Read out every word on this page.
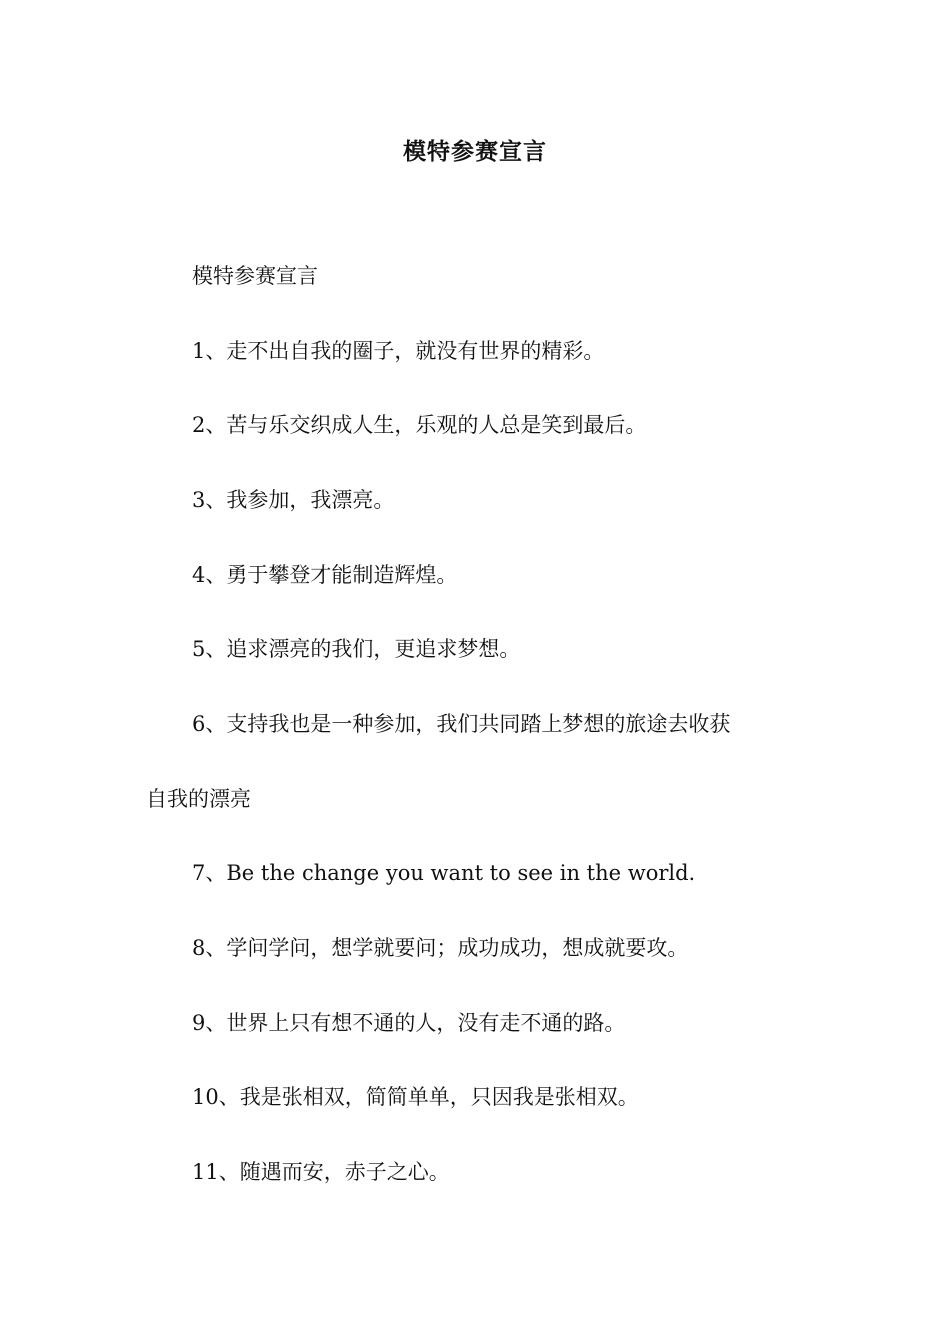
模特参赛宣言
模特参赛宣言
1、走不出自我的圈子，就没有世界的精彩。
2、苦与乐交织成人生，乐观的人总是笑到最后。
3、我参加，我漂亮。
4、勇于攀登才能制造辉煌。
5、追求漂亮的我们，更追求梦想。
6、支持我也是一种参加，我们共同踏上梦想的旅途去收获
自我的漂亮
7、Be the change you want to see in the world.
8、学问学问，想学就要问；成功成功，想成就要攻。
9、世界上只有想不通的人，没有走不通的路。
10、我是张相双，简简单单，只因我是张相双。
11、随遇而安，赤子之心。
